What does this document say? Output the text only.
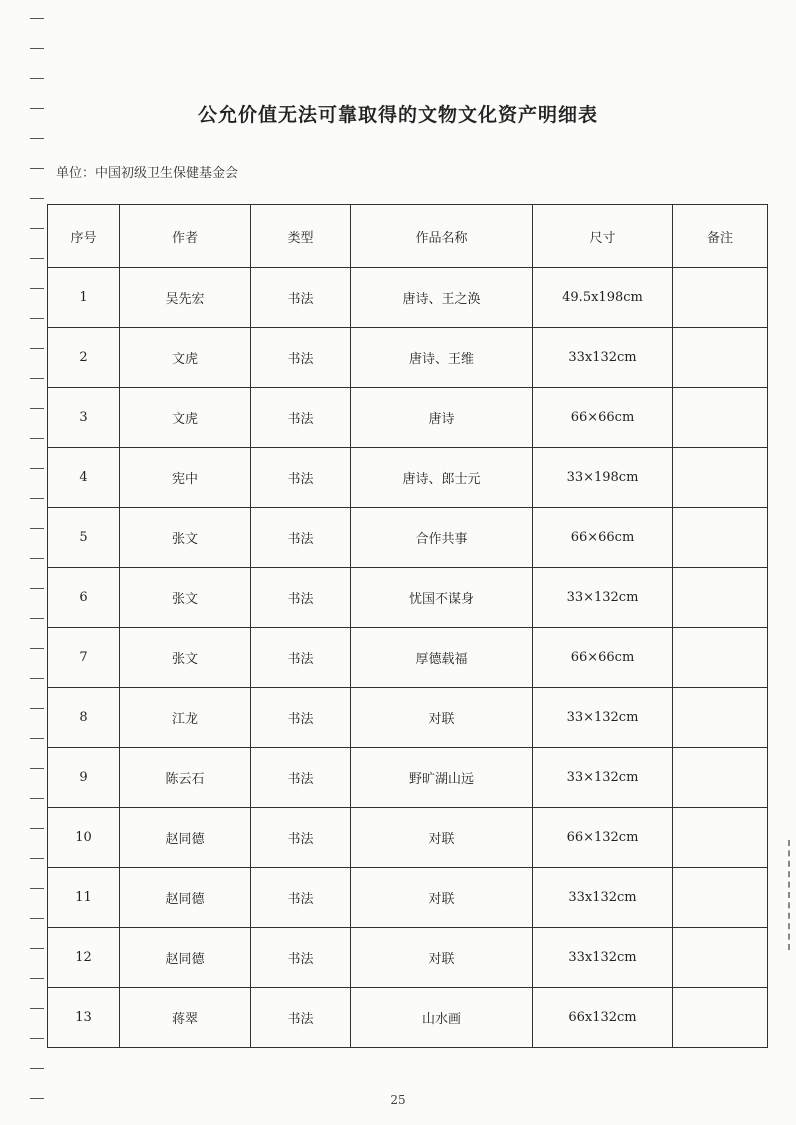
公允价值无法可靠取得的文物文化资产明细表
单位：中国初级卫生保健基金会
序号	作者	类型	作品名称	尺寸	备注
1	吴先宏	书法	唐诗、王之涣	49.5x198cm	
2	文虎	书法	唐诗、王维	33x132cm	
3	文虎	书法	唐诗	66×66cm	
4	宪中	书法	唐诗、郎士元	33×198cm	
5	张文	书法	合作共事	66×66cm	
6	张文	书法	忧国不谋身	33×132cm	
7	张文	书法	厚德载福	66×66cm	
8	江龙	书法	对联	33×132cm	
9	陈云石	书法	野旷湖山远	33×132cm	
10	赵同德	书法	对联	66×132cm	
11	赵同德	书法	对联	33x132cm	
12	赵同德	书法	对联	33x132cm	
13	蒋翠	书法	山水画	66x132cm	
25
